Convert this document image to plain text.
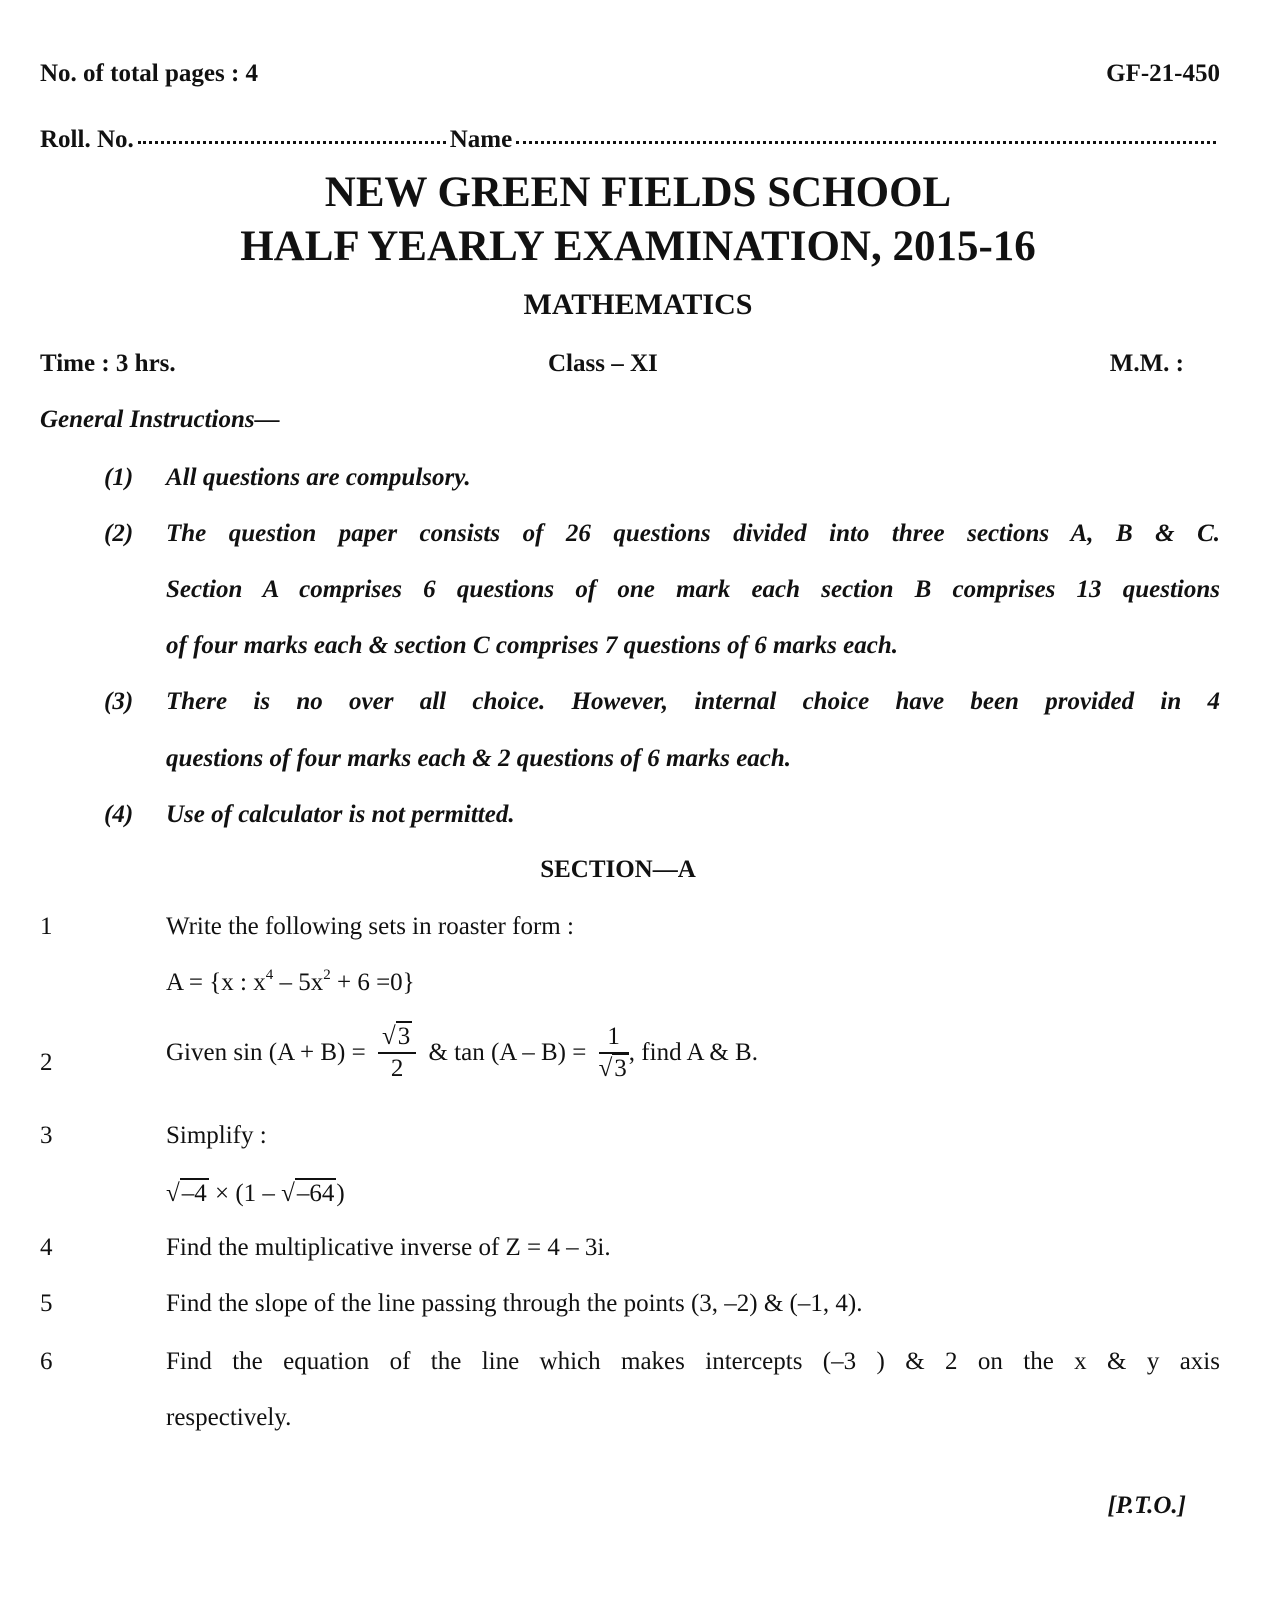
No. of total pages : 4	GF-21-450
Roll. No.	Name
NEW GREEN FIELDS SCHOOL
HALF YEARLY EXAMINATION, 2015-16
MATHEMATICS
Time : 3 hrs.	Class – XI	M.M. :
General Instructions—
(1) All questions are compulsory.
(2) The question paper consists of 26 questions divided into three sections A, B & C.
Section A comprises 6 questions of one mark each section B comprises 13 questions
of four marks each & section C comprises 7 questions of 6 marks each.
(3) There is no over all choice. However, internal choice have been provided in 4
questions of four marks each & 2 questions of 6 marks each.
(4) Use of calculator is not permitted.
SECTION—A
1	Write the following sets in roaster form :
A = {x : $x^4 - 5x^2 + 6 =0$}
2	Given $\sin (A + B) = \frac{√3}{2}$ & $\tan (A - B) = \frac{1}{√3}$ , find A & B.
3	Simplify :
√–4 × (1 – √–64)
4	Find the multiplicative inverse of Z = 4 – 3i.
5	Find the slope of the line passing through the points (3, –2) & (–1, 4).
6	Find the equation of the line which makes intercepts (–3 ) & 2 on the x & y axis
respectively.
[P.T.O.]
